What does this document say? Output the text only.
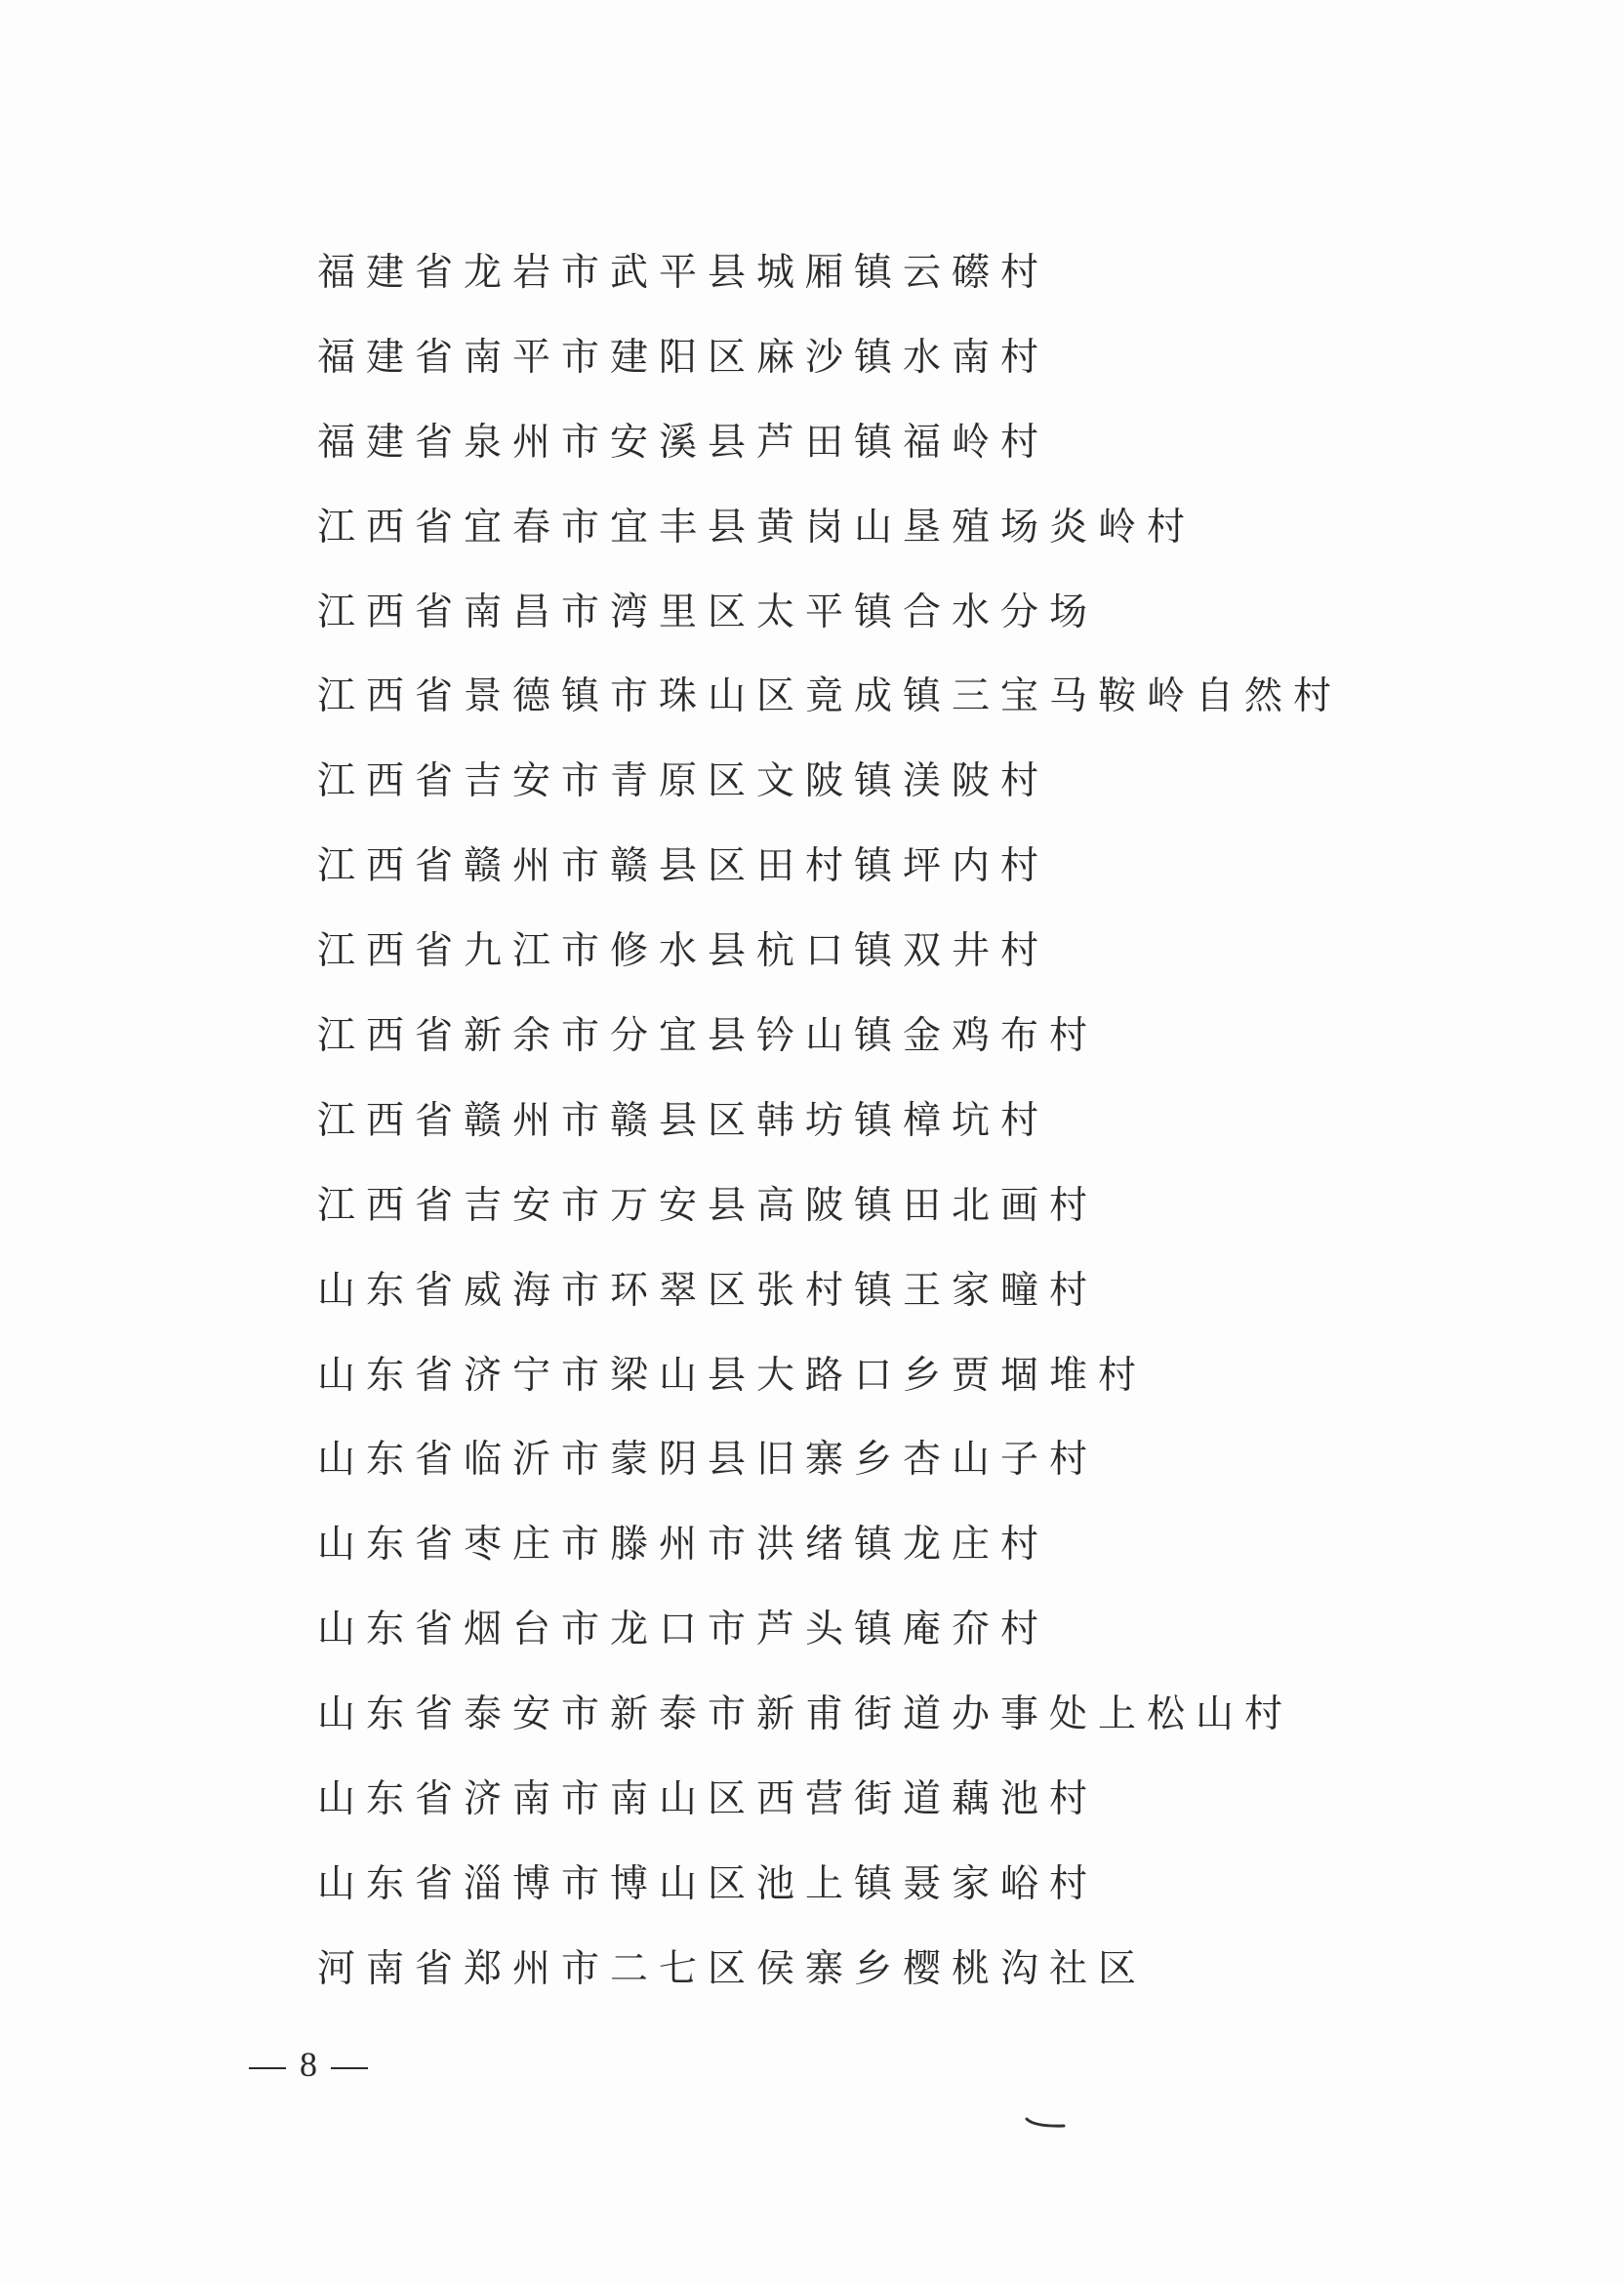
福建省龙岩市武平县城厢镇云礤村
福建省南平市建阳区麻沙镇水南村
福建省泉州市安溪县芦田镇福岭村
江西省宜春市宜丰县黄岗山垦殖场炎岭村
江西省南昌市湾里区太平镇合水分场
江西省景德镇市珠山区竟成镇三宝马鞍岭自然村
江西省吉安市青原区文陂镇渼陂村
江西省赣州市赣县区田村镇坪内村
江西省九江市修水县杭口镇双井村
江西省新余市分宜县钤山镇金鸡布村
江西省赣州市赣县区韩坊镇樟坑村
江西省吉安市万安县高陂镇田北画村
山东省威海市环翠区张村镇王家疃村
山东省济宁市梁山县大路口乡贾堌堆村
山东省临沂市蒙阴县旧寨乡杏山子村
山东省枣庄市滕州市洪绪镇龙庄村
山东省烟台市龙口市芦头镇庵夼村
山东省泰安市新泰市新甫街道办事处上松山村
山东省济南市南山区西营街道藕池村
山东省淄博市博山区池上镇聂家峪村
河南省郑州市二七区侯寨乡樱桃沟社区
8
